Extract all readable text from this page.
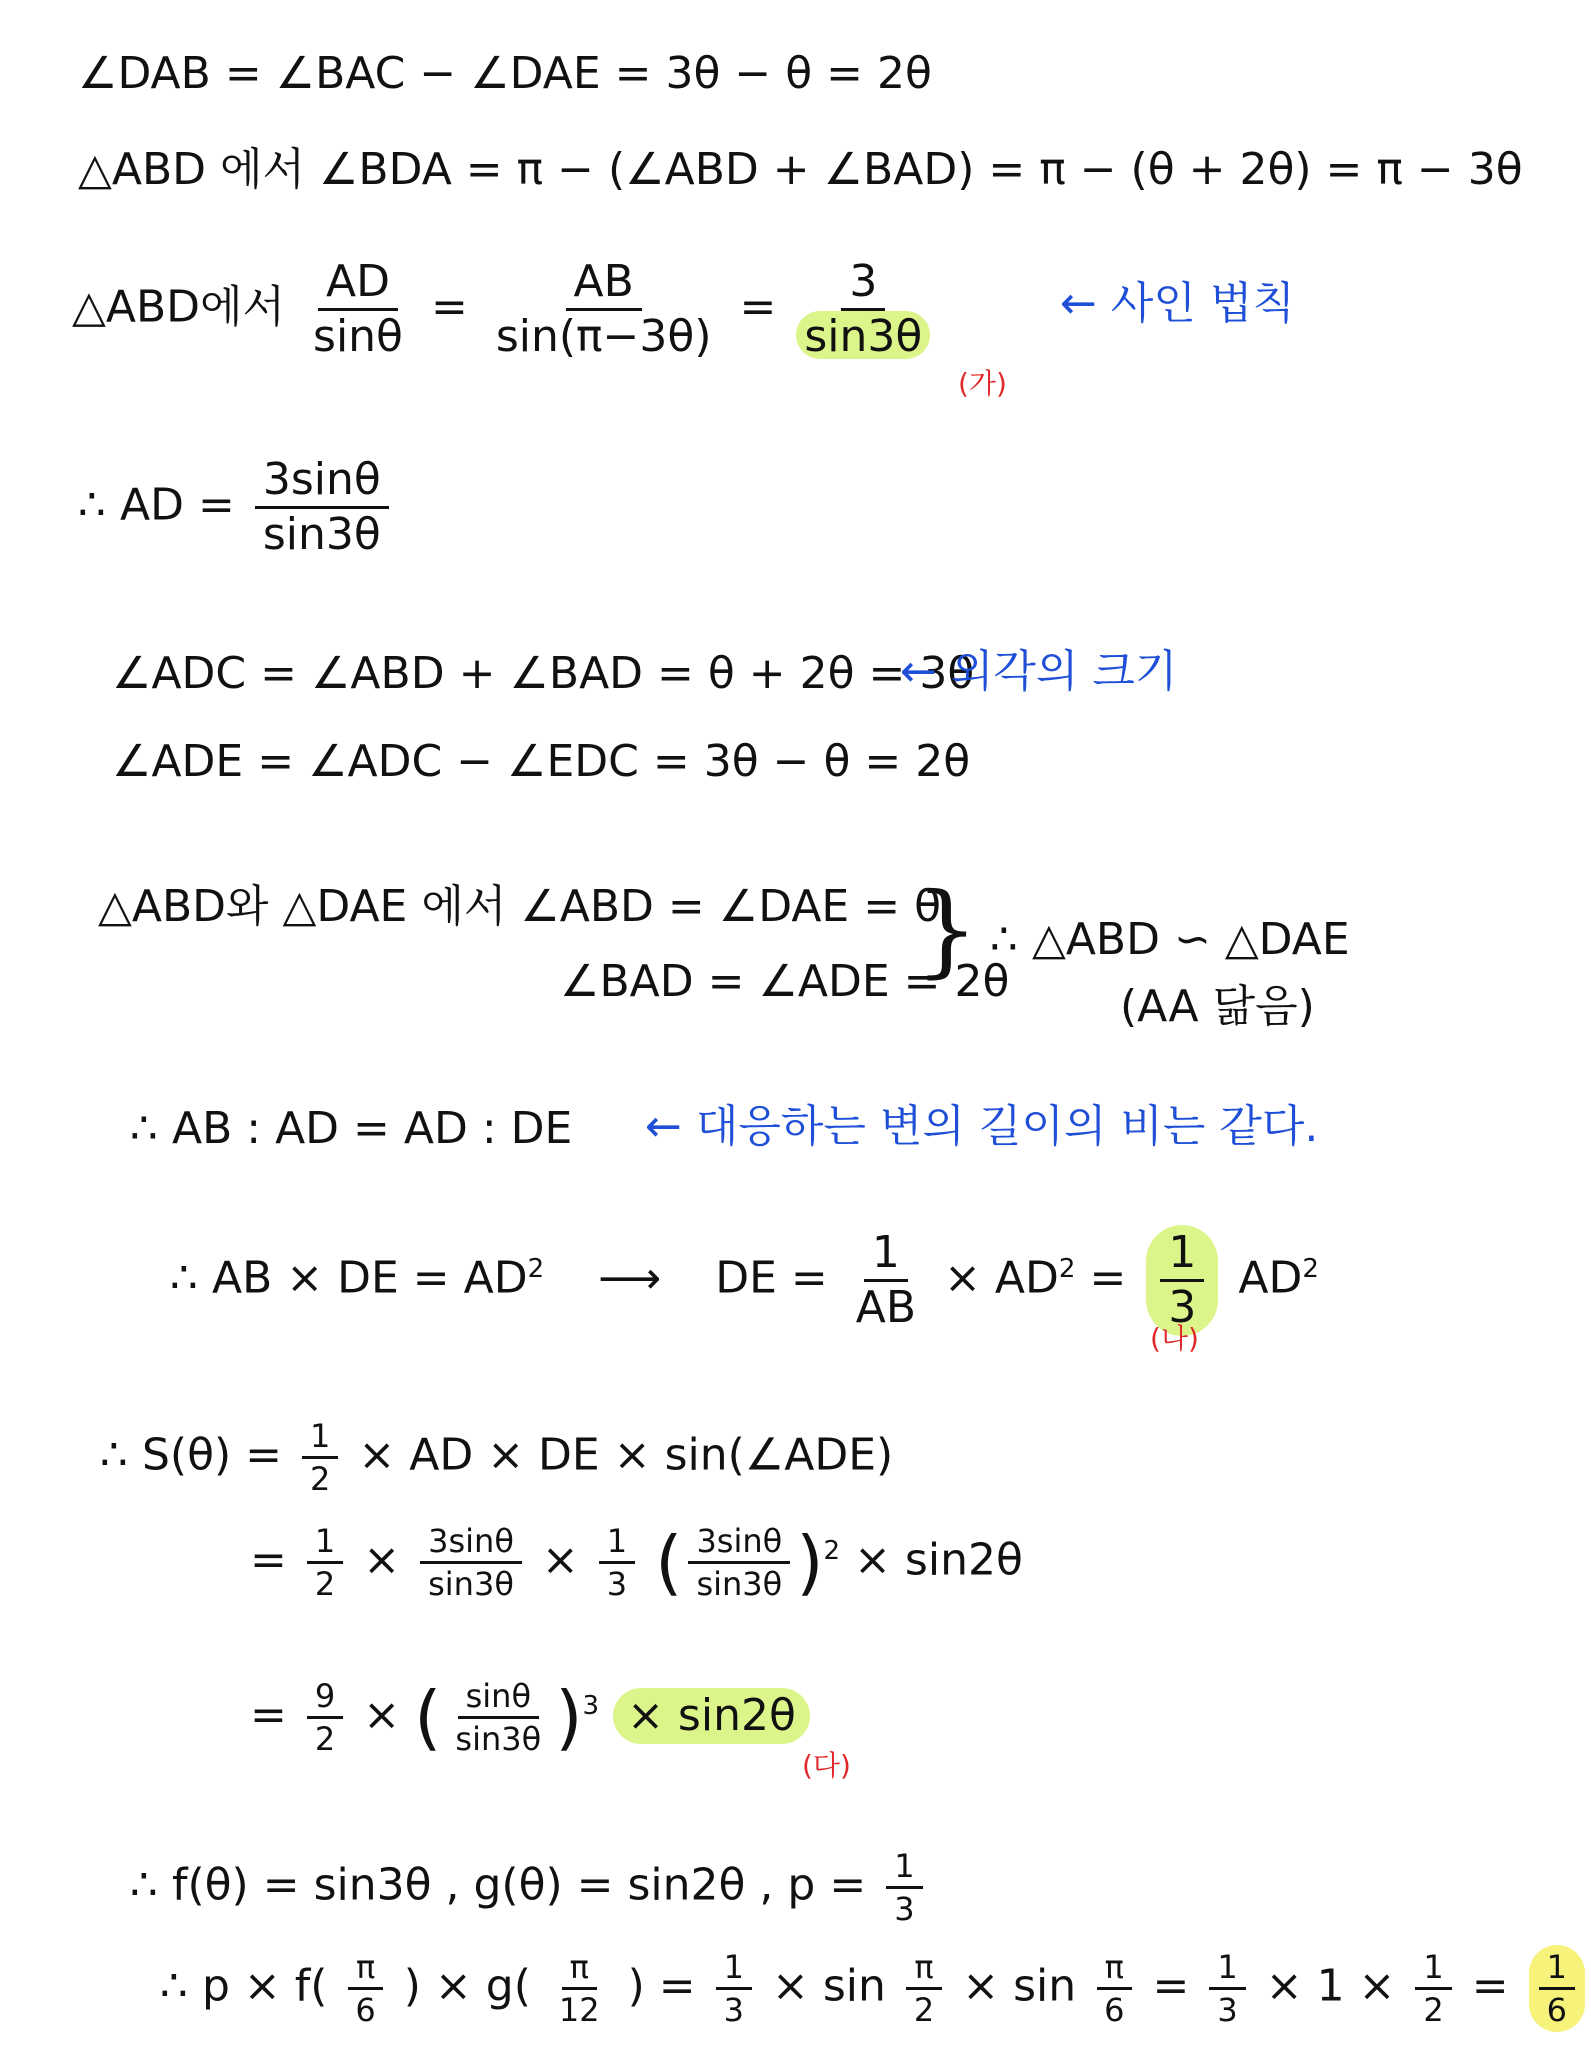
∠DAB = ∠BAC − ∠DAE = 3θ − θ = 2θ
△ABD 에서 ∠BDA = π − (∠ABD + ∠BAD) = π − (θ + 2θ) = π − 3θ
△ABD에서 $\frac{AD}{\sin\theta} = \frac{AB}{\sin(\pi-3\theta)} = \frac{3}{\sin 3\theta}$	← 사인 법칙
(가)
∴ AD = $\frac{3\sin\theta}{\sin 3\theta}$
∠ADC = ∠ABD + ∠BAD = θ + 2θ = 3θ
← 외각의 크기
∠ADE = ∠ADC − ∠EDC = 3θ − θ = 2θ
△ABD와 △DAE 에서 ∠ABD = ∠DAE = θ
∠BAD = ∠ADE = 2θ
} ∴ △ABD ∽ △DAE
(AA 닮음)
∴ AB : AD = AD : DE ← 대응하는 변의 길이의 비는 같다.
∴ AB × DE = $AD^2$ ⟶ DE = $\frac{1}{AB} \times AD^2 = \frac{1}{3} AD^2$
(나)
∴ $S(\theta) = \frac{1}{2}$ × AD × DE × sin(∠ADE)
= $\frac{1}{2} \times \frac{3\sin\theta}{\sin 3\theta} \times \frac{1}{3}$ ( $\frac{3\sin\theta}{\sin 3\theta} )^2 \times \sin 2\theta$
= $\frac{9}{2}$ × ( $\frac{\sin\theta}{\sin 3\theta} )^3 \times \sin 2\theta$
(다)
∴ f(θ) = sin3θ , g(θ) = sin2θ , $p = \frac{1}{3}$
∴ $p \times f( \frac{\pi}{6}$ ) × $g( \frac{\pi}{12}$ ) = $\frac{1}{3} \times \sin \frac{\pi}{2} \times \sin \frac{\pi}{6} = \frac{1}{3} \times 1 \times \frac{1}{2} = \frac{1}{6}$
